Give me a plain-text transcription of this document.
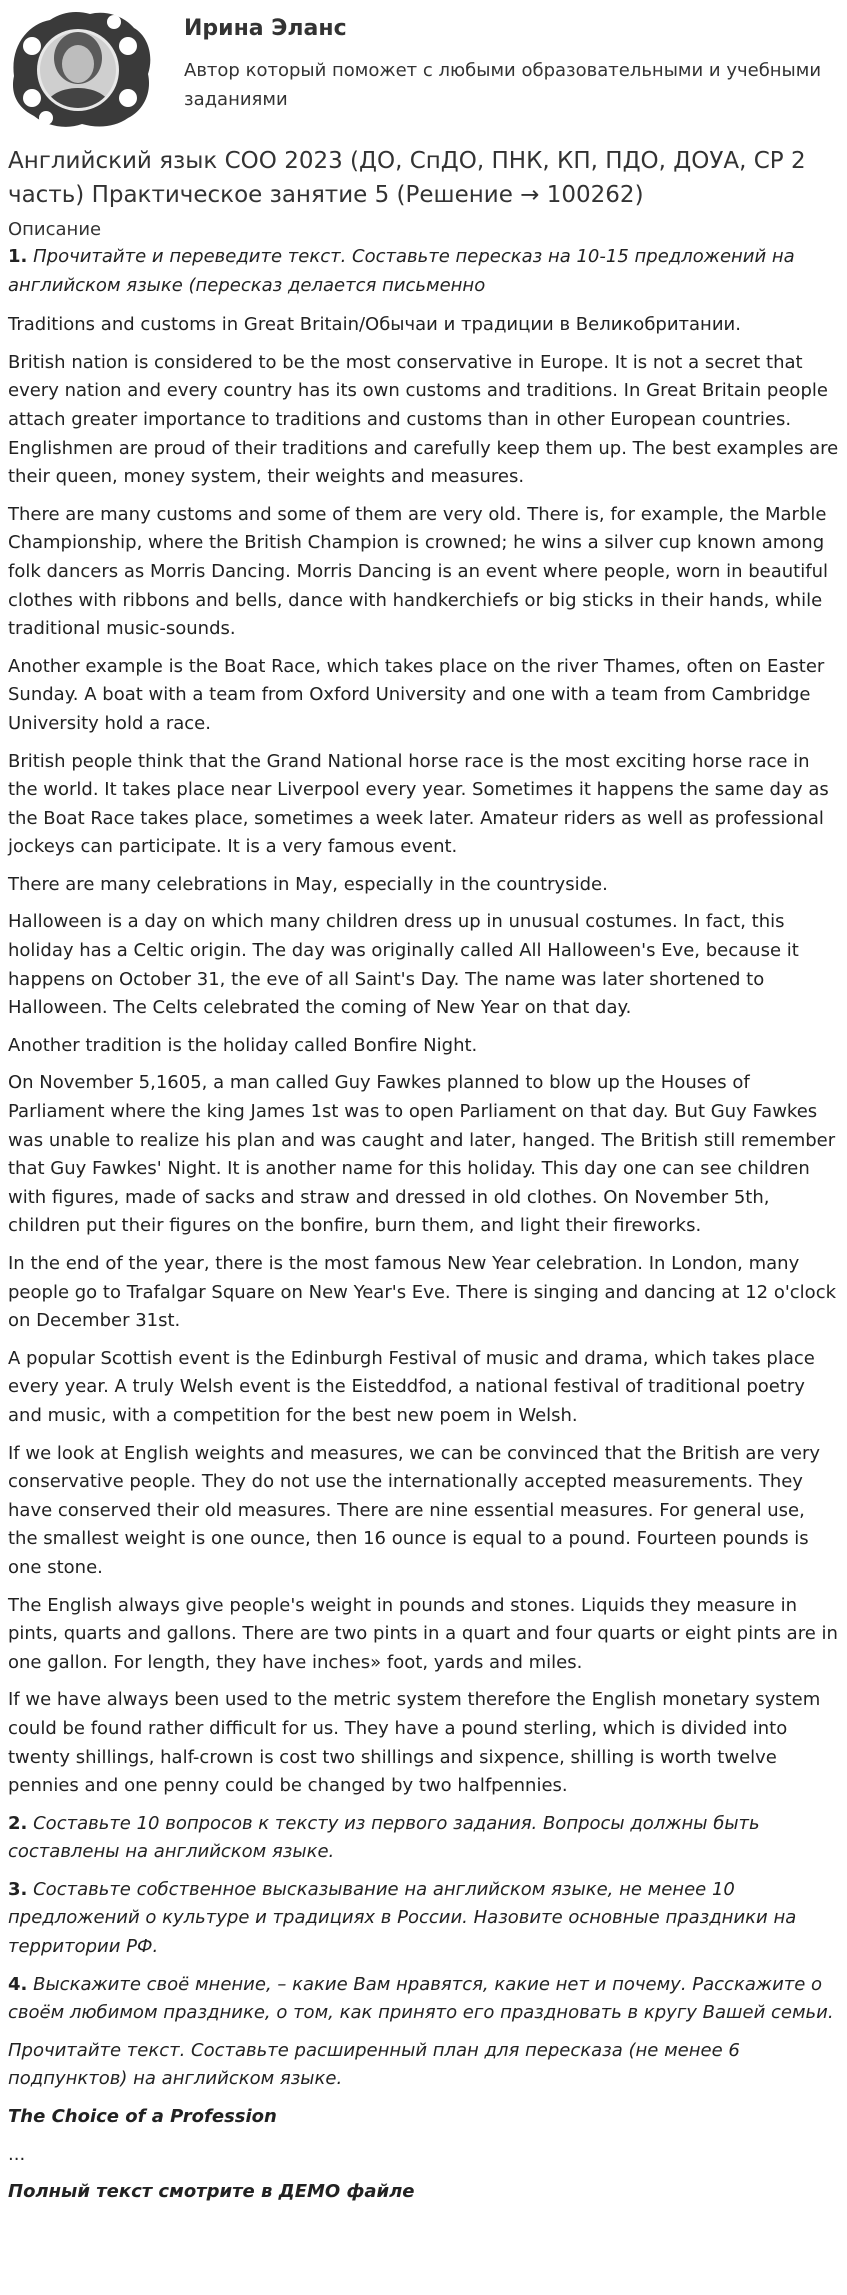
Ирина Эланс
Автор который поможет с любыми образовательными и учебными заданиями
Английский язык СОО 2023 (ДО, СпДО, ПНК, КП, ПДО, ДОУА, СР 2 часть) Практическое занятие 5 (Решение → 100262)
Описание

1. Прочитайте и переведите текст. Составьте пересказ на 10-15 предложений на английском языке (пересказ делается письменно

Traditions and customs in Great Britain/Обычаи и традиции в Великобритании.

British nation is considered to be the most conservative in Europe. It is not a secret that every nation and every country has its own customs and traditions. In Great Britain people attach greater importance to traditions and customs than in other European countries. Englishmen are proud of their traditions and carefully keep them up. The best examples are their queen, money system, their weights and measures.

There are many customs and some of them are very old. There is, for example, the Marble Championship, where the British Champion is crowned; he wins a silver cup known among folk dancers as Morris Dancing. Morris Dancing is an event where people, worn in beautiful clothes with ribbons and bells, dance with handkerchiefs or big sticks in their hands, while traditional music-sounds.

Another example is the Boat Race, which takes place on the river Thames, often on Easter Sunday. A boat with a team from Oxford University and one with a team from Cambridge University hold a race.

British people think that the Grand National horse race is the most exciting horse race in the world. It takes place near Liverpool every year. Sometimes it happens the same day as the Boat Race takes place, sometimes a week later. Amateur riders as well as professional jockeys can participate. It is a very famous event.

There are many celebrations in May, especially in the countryside.

Halloween is a day on which many children dress up in unusual costumes. In fact, this holiday has a Celtic origin. The day was originally called All Halloween's Eve, because it happens on October 31, the eve of all Saint's Day. The name was later shortened to Halloween. The Celts celebrated the coming of New Year on that day.

Another tradition is the holiday called Bonfire Night.

On November 5,1605, a man called Guy Fawkes planned to blow up the Houses of Parliament where the king James 1st was to open Parliament on that day. But Guy Fawkes was unable to realize his plan and was caught and later, hanged. The British still remember that Guy Fawkes' Night. It is another name for this holiday. This day one can see children with figures, made of sacks and straw and dressed in old clothes. On November 5th, children put their figures on the bonfire, burn them, and light their fireworks.

In the end of the year, there is the most famous New Year celebration. In London, many people go to Trafalgar Square on New Year's Eve. There is singing and dancing at 12 o'clock on December 31st.

A popular Scottish event is the Edinburgh Festival of music and drama, which takes place every year. A truly Welsh event is the Eisteddfod, a national festival of traditional poetry and music, with a competition for the best new poem in Welsh.

If we look at English weights and measures, we can be convinced that the British are very conservative people. They do not use the internationally accepted measurements. They have conserved their old measures. There are nine essential measures. For general use, the smallest weight is one ounce, then 16 ounce is equal to a pound. Fourteen pounds is one stone.

The English always give people's weight in pounds and stones. Liquids they measure in pints, quarts and gallons. There are two pints in a quart and four quarts or eight pints are in one gallon. For length, they have inches» foot, yards and miles.

If we have always been used to the metric system therefore the English monetary system could be found rather difficult for us. They have a pound sterling, which is divided into twenty shillings, half-crown is cost two shillings and sixpence, shilling is worth twelve pennies and one penny could be changed by two halfpennies.

2. Составьте 10 вопросов к тексту из первого задания. Вопросы должны быть составлены на английском языке.

3. Составьте собственное высказывание на английском языке, не менее 10 предложений о культуре и традициях в России. Назовите основные праздники на территории РФ.

4. Выскажите своё мнение, – какие Вам нравятся, какие нет и почему. Расскажите о своём любимом празднике, о том, как принято его праздновать в кругу Вашей семьи.

Прочитайте текст. Составьте расширенный план для пересказа (не менее 6 подпунктов) на английском языке.

The Choice of a Profession

...

Полный текст смотрите в ДЕМО файле
